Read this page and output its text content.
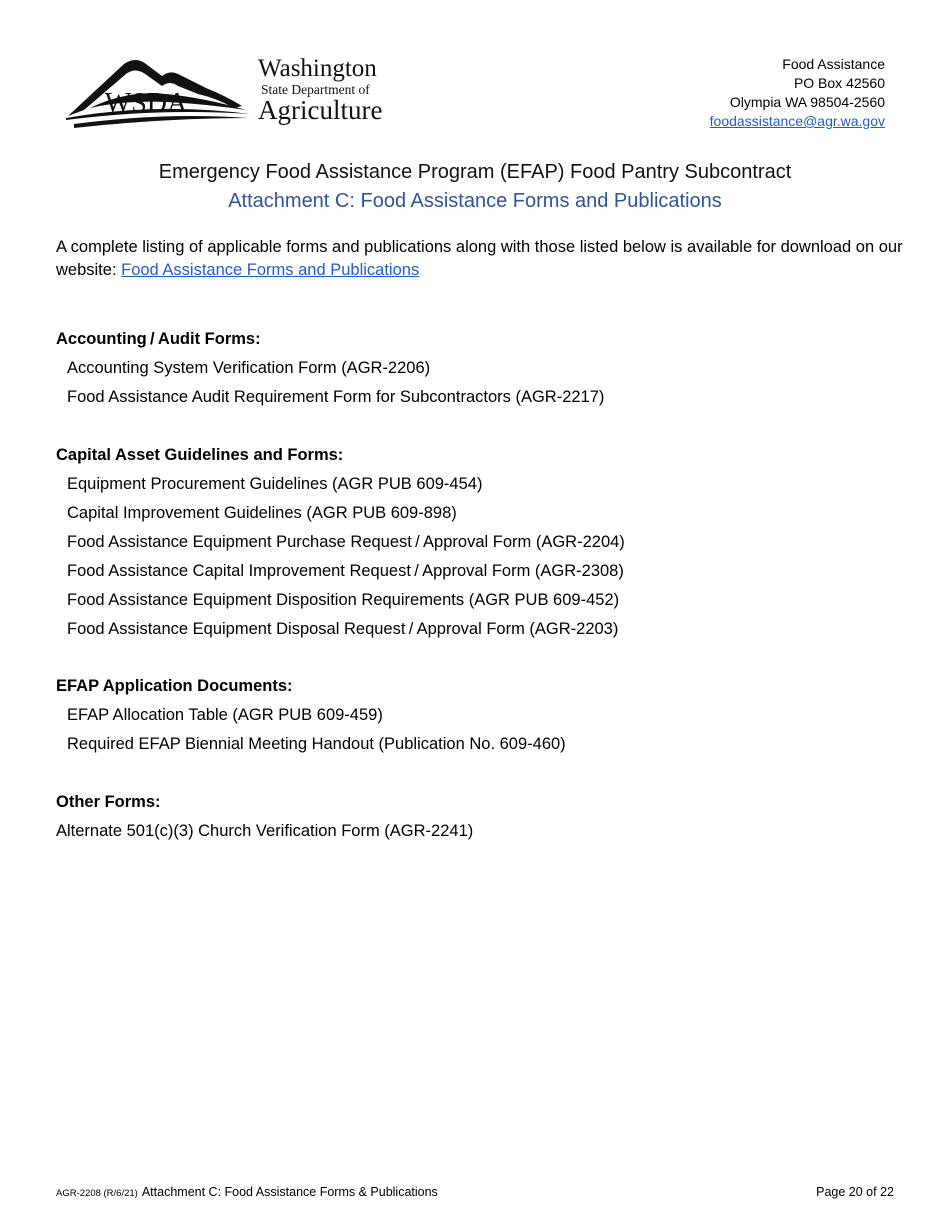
WSDA
Washington
State Department of
Agriculture
Food Assistance
PO Box 42560
Olympia WA 98504-2560
foodassistance@agr.wa.gov
Emergency Food Assistance Program (EFAP) Food Pantry Subcontract
Attachment C: Food Assistance Forms and Publications
A complete listing of applicable forms and publications along with those listed below is available for download on our website: Food Assistance Forms and Publications
Accounting / Audit Forms:
Accounting System Verification Form (AGR-2206)
Food Assistance Audit Requirement Form for Subcontractors (AGR-2217)
Capital Asset Guidelines and Forms:
Equipment Procurement Guidelines (AGR PUB 609-454)
Capital Improvement Guidelines (AGR PUB 609-898)
Food Assistance Equipment Purchase Request / Approval Form (AGR-2204)
Food Assistance Capital Improvement Request / Approval Form (AGR-2308)
Food Assistance Equipment Disposition Requirements (AGR PUB 609-452)
Food Assistance Equipment Disposal Request / Approval Form (AGR-2203)
EFAP Application Documents:
EFAP Allocation Table (AGR PUB 609-459)
Required EFAP Biennial Meeting Handout (Publication No. 609-460)
Other Forms:
Alternate 501(c)(3) Church Verification Form (AGR-2241)
AGR-2208 (R/6/21) Attachment C: Food Assistance Forms & Publications	Page 20 of 22
